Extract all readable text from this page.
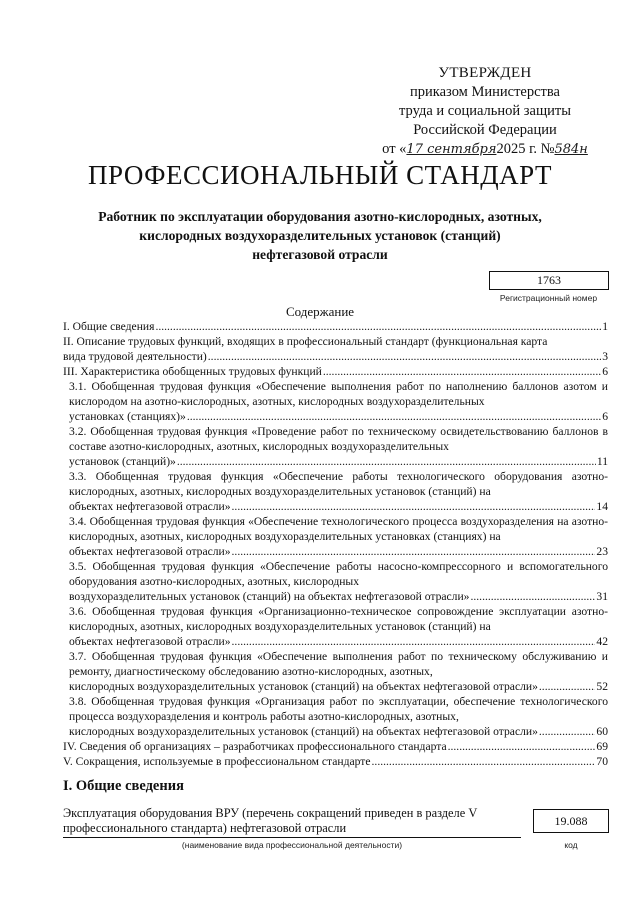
УТВЕРЖДЕН
приказом Министерства
труда и социальной защиты
Российской Федерации
от «17 сентября2025 г. №584н
ПРОФЕССИОНАЛЬНЫЙ СТАНДАРТ
Работник по эксплуатации оборудования азотно-кислородных, азотных,
кислородных воздухоразделительных установок (станций)
нефтегазовой отрасли
1763
Регистрационный номер
Содержание
I. Общие сведения .....	1
II. Описание трудовых функций, входящих в профессиональный стандарт (функциональная карта
вида трудовой деятельности) .....	3
III. Характеристика обобщенных трудовых функций .....	6
3.1. Обобщенная трудовая функция «Обеспечение выполнения работ по наполнению баллонов азотом и кислородом на азотно-кислородных, азотных, кислородных воздухоразделительных
установках (станциях)» .....	6
3.2. Обобщенная трудовая функция «Проведение работ по техническому освидетельствованию баллонов в составе азотно-кислородных, азотных, кислородных воздухоразделительных
установок (станций)» .....	11
3.3. Обобщенная трудовая функция «Обеспечение работы технологического оборудования азотно-кислородных, азотных, кислородных воздухоразделительных установок (станций) на
объектах нефтегазовой отрасли» .....	14
3.4. Обобщенная трудовая функция «Обеспечение технологического процесса воздухоразделения на азотно-кислородных, азотных, кислородных воздухоразделительных установках (станциях) на
объектах нефтегазовой отрасли» .....	23
3.5. Обобщенная трудовая функция «Обеспечение работы насосно-компрессорного и вспомогательного оборудования азотно-кислородных, азотных, кислородных
воздухоразделительных установок (станций) на объектах нефтегазовой отрасли» .....	31
3.6. Обобщенная трудовая функция «Организационно-техническое сопровождение эксплуатации азотно-кислородных, азотных, кислородных воздухоразделительных установок (станций) на
объектах нефтегазовой отрасли» .....	42
3.7. Обобщенная трудовая функция «Обеспечение выполнения работ по техническому обслуживанию и ремонту, диагностическому обследованию азотно-кислородных, азотных,
кислородных воздухоразделительных установок (станций) на объектах нефтегазовой отрасли» .....	52
3.8. Обобщенная трудовая функция «Организация работ по эксплуатации, обеспечение технологического процесса воздухоразделения и контроль работы азотно-кислородных, азотных,
кислородных воздухоразделительных установок (станций) на объектах нефтегазовой отрасли» .....	60
IV. Сведения об организациях – разработчиках профессионального стандарта .....	69
V. Сокращения, используемые в профессиональном стандарте .....	70
I. Общие сведения
Эксплуатация оборудования ВРУ (перечень сокращений приведен в разделе V
профессионального стандарта) нефтегазовой отрасли
(наименование вида профессиональной деятельности)
19.088
код
